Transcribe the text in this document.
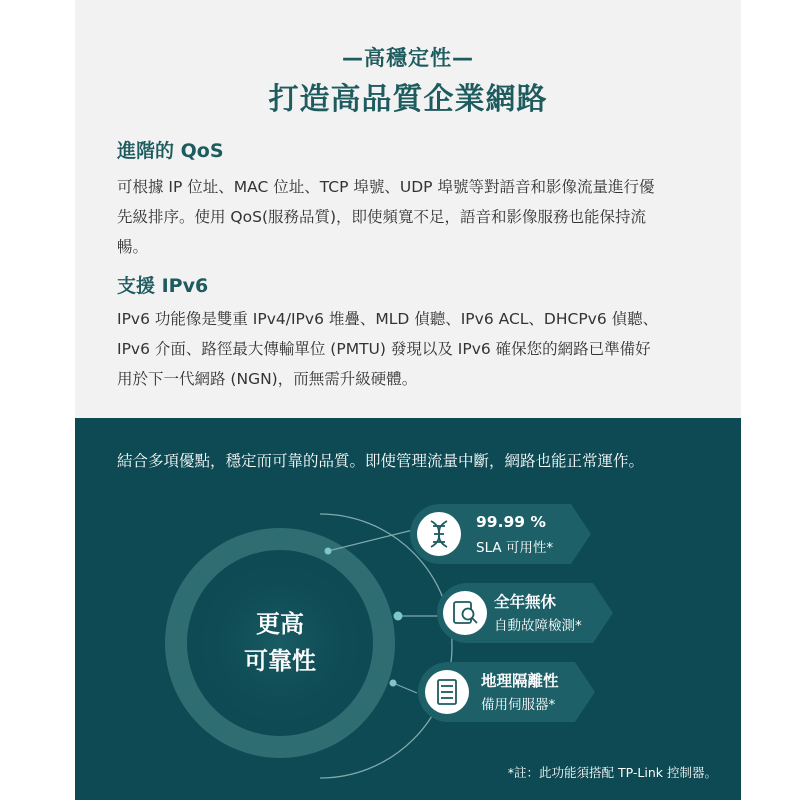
—高穩定性—
打造高品質企業網路
進階的 QoS
可根據 IP 位址、MAC 位址、TCP 埠號、UDP 埠號等對語音和影像流量進行優
先級排序。使用 QoS(服務品質)，即使頻寬不足，語音和影像服務也能保持流
暢。
支援 IPv6
IPv6 功能像是雙重 IPv4/IPv6 堆疊、MLD 偵聽、IPv6 ACL、DHCPv6 偵聽、
IPv6 介面、路徑最大傳輸單位 (PMTU) 發現以及 IPv6 確保您的網路已準備好
用於下一代網路 (NGN)，而無需升級硬體。
結合多項優點，穩定而可靠的品質。即使管理流量中斷，網路也能正常運作。
更高
可靠性
99.99 %
SLA 可用性*
全年無休
自動故障檢測*
地理隔離性
備用伺服器*
*註：此功能須搭配 TP-Link 控制器。
